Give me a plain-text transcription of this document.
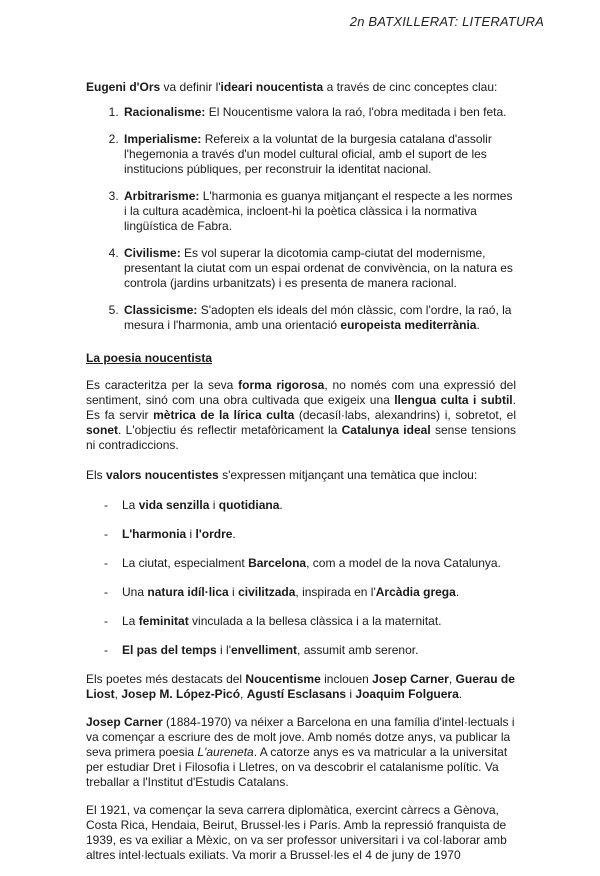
2n BATXILLERAT: LITERATURA

Eugeni d'Ors va definir l'ideari noucentista a través de cinc conceptes clau:

1. Racionalisme: El Noucentisme valora la raó, l'obra meditada i ben feta.
2. Imperialisme: Refereix a la voluntat de la burgesia catalana d'assolir l'hegemonia a través d'un model cultural oficial, amb el suport de les institucions públiques, per reconstruir la identitat nacional.
3. Arbitrarisme: L'harmonia es guanya mitjançant el respecte a les normes i la cultura acadèmica, incloent-hi la poètica clàssica i la normativa lingüística de Fabra.
4. Civilisme: Es vol superar la dicotomia camp-ciutat del modernisme, presentant la ciutat com un espai ordenat de convivència, on la natura es controla (jardins urbanitzats) i es presenta de manera racional.
5. Classicisme: S'adopten els ideals del món clàssic, com l'ordre, la raó, la mesura i l'harmonia, amb una orientació europeista mediterrània.

La poesia noucentista

Es caracteritza per la seva forma rigorosa, no només com una expressió del sentiment, sinó com una obra cultivada que exigeix una llengua culta i subtil. Es fa servir mètrica de la lírica culta (decasíl·labs, alexandrins) i, sobretot, el sonet. L'objectiu és reflectir metafòricament la Catalunya ideal sense tensions ni contradiccions.

Els valors noucentistes s'expressen mitjançant una temàtica que inclou:

- La vida senzilla i quotidiana.
- L'harmonia i l'ordre.
- La ciutat, especialment Barcelona, com a model de la nova Catalunya.
- Una natura idíl·lica i civilitzada, inspirada en l'Arcàdia grega.
- La feminitat vinculada a la bellesa clàssica i a la maternitat.
- El pas del temps i l'envelliment, assumit amb serenor.

Els poetes més destacats del Noucentisme inclouen Josep Carner, Guerau de Liost, Josep M. López-Picó, Agustí Esclasans i Joaquim Folguera.

Josep Carner (1884-1970) va néixer a Barcelona en una família d'intel·lectuals i va començar a escriure des de molt jove. Amb només dotze anys, va publicar la seva primera poesia L'aureneta. A catorze anys es va matricular a la universitat per estudiar Dret i Filosofia i Lletres, on va descobrir el catalanisme polític. Va treballar a l'Institut d'Estudis Catalans.

El 1921, va començar la seva carrera diplomàtica, exercint càrrecs a Gènova, Costa Rica, Hendaia, Beirut, Brussel·les i París. Amb la repressió franquista de 1939, es va exiliar a Mèxic, on va ser professor universitari i va col·laborar amb altres intel·lectuals exiliats. Va morir a Brussel·les el 4 de juny de 1970
